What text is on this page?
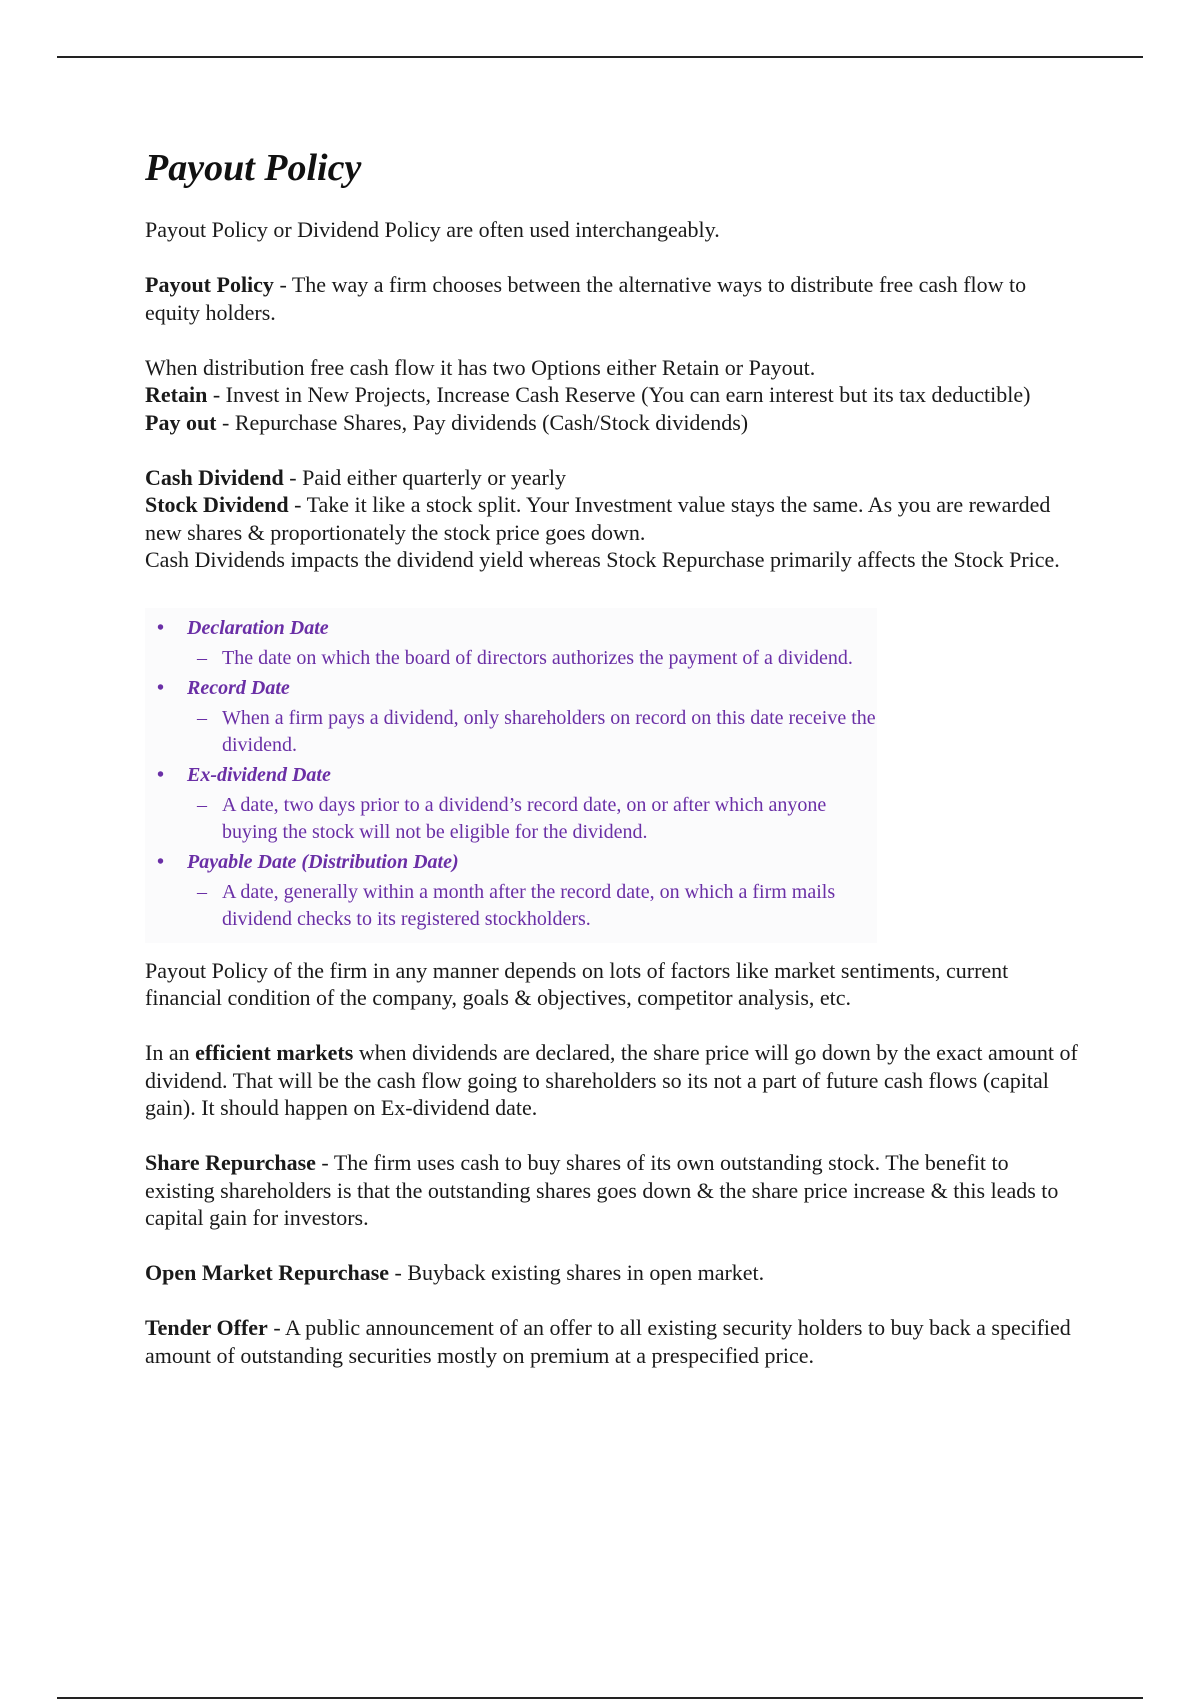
Payout Policy

Payout Policy or Dividend Policy are often used interchangeably.

Payout Policy - The way a firm chooses between the alternative ways to distribute free cash flow to equity holders.

When distribution free cash flow it has two Options either Retain or Payout.

Retain - Invest in New Projects, Increase Cash Reserve (You can earn interest but its tax deductible)

Pay out - Repurchase Shares, Pay dividends (Cash/Stock dividends)

Cash Dividend - Paid either quarterly or yearly

Stock Dividend - Take it like a stock split. Your Investment value stays the same. As you are rewarded new shares & proportionately the stock price goes down.

Cash Dividends impacts the dividend yield whereas Stock Repurchase primarily affects the Stock Price.

• Declaration Date
– The date on which the board of directors authorizes the payment of a dividend.
• Record Date
– When a firm pays a dividend, only shareholders on record on this date receive the dividend.
• Ex-dividend Date
– A date, two days prior to a dividend’s record date, on or after which anyone buying the stock will not be eligible for the dividend.
• Payable Date (Distribution Date)
– A date, generally within a month after the record date, on which a firm mails dividend checks to its registered stockholders.

Payout Policy of the firm in any manner depends on lots of factors like market sentiments, current financial condition of the company, goals & objectives, competitor analysis, etc.

In an efficient markets when dividends are declared, the share price will go down by the exact amount of dividend. That will be the cash flow going to shareholders so its not a part of future cash flows (capital gain). It should happen on Ex-dividend date.

Share Repurchase - The firm uses cash to buy shares of its own outstanding stock. The benefit to existing shareholders is that the outstanding shares goes down & the share price increase & this leads to capital gain for investors.

Open Market Repurchase - Buyback existing shares in open market.

Tender Offer - A public announcement of an offer to all existing security holders to buy back a specified amount of outstanding securities mostly on premium at a prespecified price.
